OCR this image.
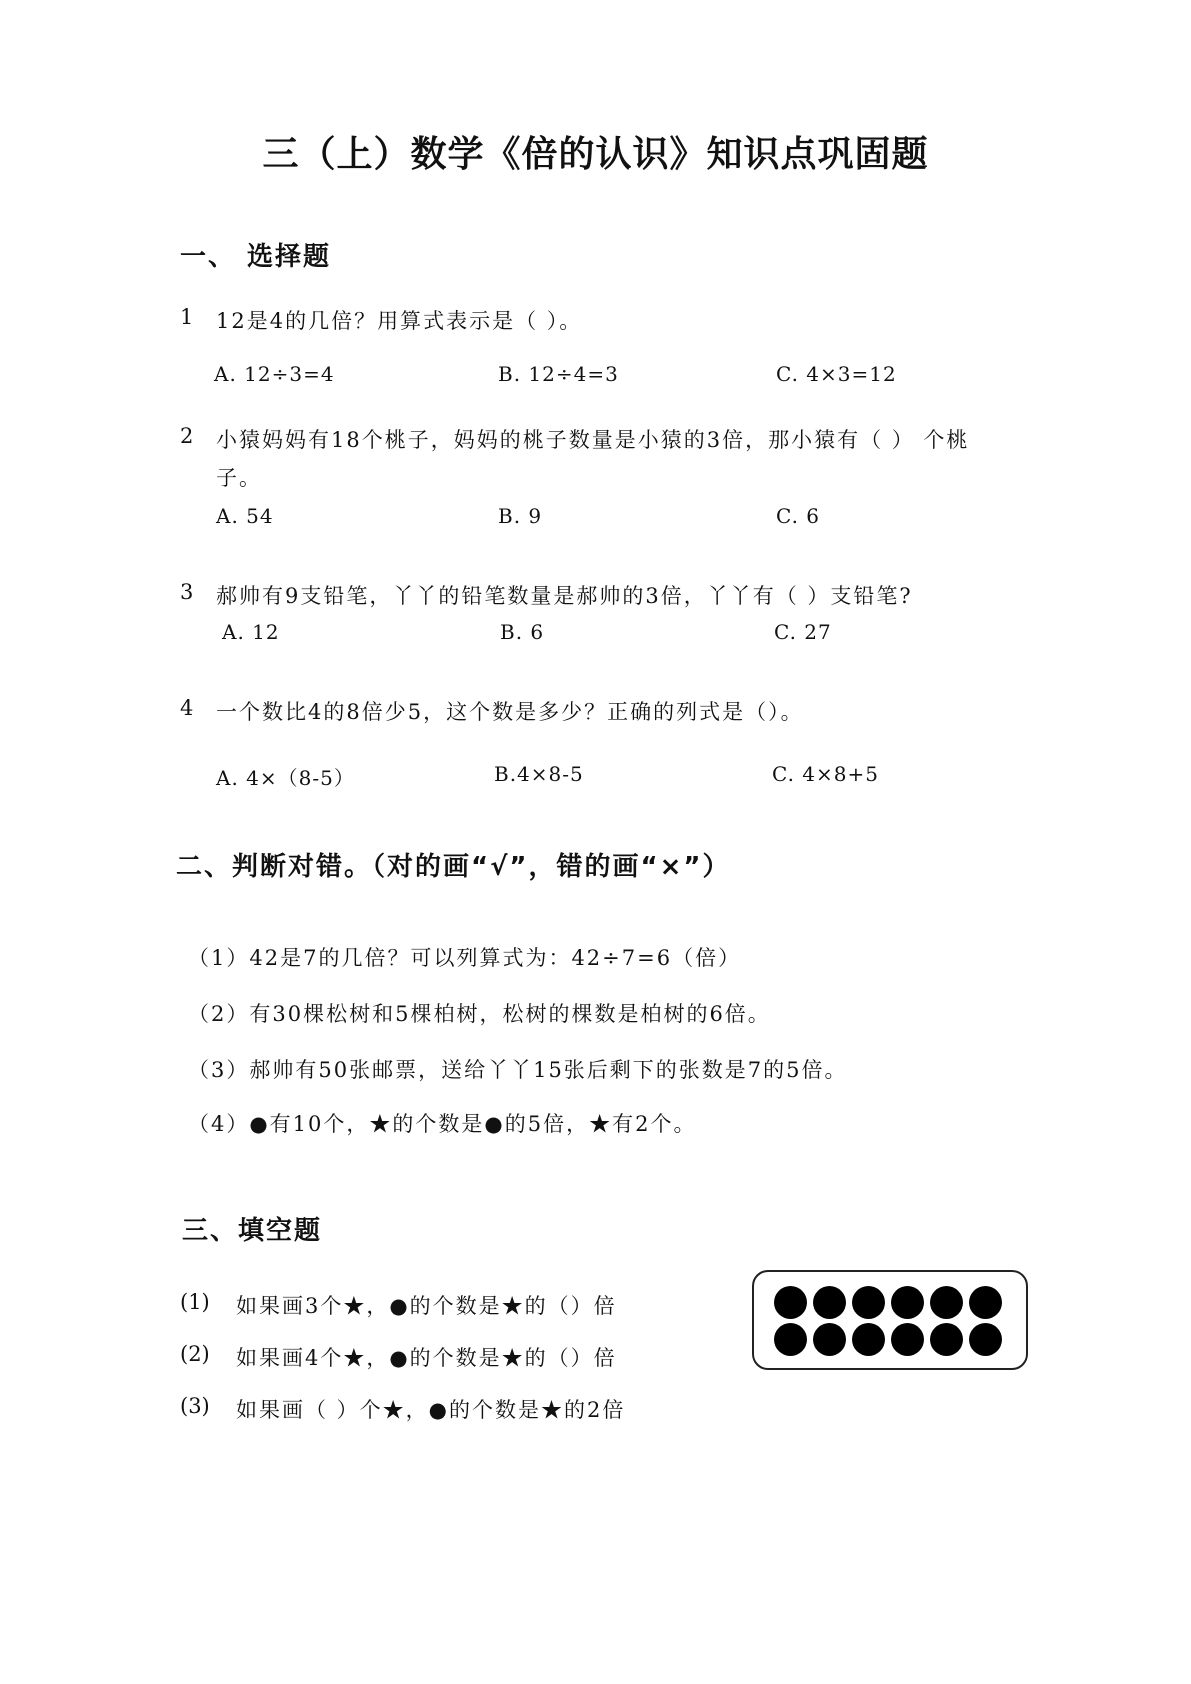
三（上）数学《倍的认识》知识点巩固题
一、 选择题
1 12是4的几倍？用算式表示是（ ）。
A. 12÷3=4	B. 12÷4=3	C. 4×3=12
2 小猿妈妈有18个桃子，妈妈的桃子数量是小猿的3倍，那小猿有（ ） 个桃
子。
A. 54	B. 9	C. 6
3 郝帅有9支铅笔，丫丫的铅笔数量是郝帅的3倍，丫丫有（ ）支铅笔?
A. 12	B. 6	C. 27
4 一个数比4的8倍少5，这个数是多少？正确的列式是（）。
A. 4×（8-5）	B.4×8-5	C. 4×8+5
二、判断对错。（对的画“√”，错的画“×”）
（1）42是7的几倍？可以列算式为：42÷7=6（倍）
（2）有30棵松树和5棵柏树，松树的棵数是柏树的6倍。
（3）郝帅有50张邮票，送给丫丫15张后剩下的张数是7的5倍。
（4）●有10个，★的个数是●的5倍，★有2个。
三、填空题
(1) 如果画3个★，●的个数是★的（）倍
(2) 如果画4个★，●的个数是★的（）倍
(3) 如果画（ ）个★，●的个数是★的2倍
